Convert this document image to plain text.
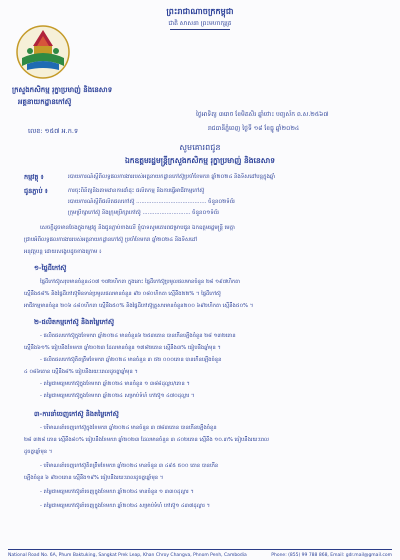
ព្រះរាជាណាចក្រកម្ពុជា
ជាតិ សាសនា ព្រះមហាក្សត្រ
ក្រសួងកសិកម្ម រុក្ខាប្រមាញ់ និងនេសាទ
អគ្គនាយកដ្ឋានកៅស៊ូ
លេខ: ១៥៧ អ.ក.ទ
ថ្ងៃអាទិត្យ ៣រោច ខែមិគសិរ ឆ្នាំថោះ បញ្ចស័ក ព.ស.២៥៦៧
រាជធានីភ្នំពេញ ថ្ងៃទី ១៨ ខែធ្នូ ឆ្នាំ២០២៤
សូមគោរពជូន
ឯកឧត្ដមរដ្ឋមន្ត្រីក្រសួងកសិកម្ម រុក្ខាប្រមាញ់ និងនេសាទ
កម្មវត្ថុ ៖	របាយការណ៍ស្ដីពីលទ្ធផលការងាររបស់អគ្គនាយកដ្ឋានកៅស៊ូប្រចាំខែមករា ឆ្នាំ២០២៤ និងទិសដៅបន្តក្នុងឆ្នាំ
ជូនភ្ជាប់ ៖	ការចុះពិនិត្យនិងតាមដានការដាំដុះ ផលិតកម្ម និងការធ្វើអាជីវកម្មកៅស៊ូ
របាយការណ៍ស្ដីពីផលិតផលកៅស៊ូ ......................................... ចំនួន០២ទំព័រ
ក្រុមប្រឹក្សាកៅស៊ូ និងក្រុមប្រឹក្សាកៅស៊ូ ............................ ចំនួន០១ទំព័រ
សេចក្ដីដូចមានចែងក្នុងកម្មវត្ថុ និងជូនភ្ជាប់ខាងលើ ខ្ញុំបាទសូមគោរពជម្រាបជូន ឯកឧត្ដមរដ្ឋមន្ត្រី មេត្តា
ជ្រាបអំពីលទ្ធផលការងាររបស់អគ្គនាយកដ្ឋានកៅស៊ូ ប្រចាំខែមករា ឆ្នាំ២០២៤ និងទិសដៅ
អនុវត្តបន្ត ដោយសង្ខេបដូចខាងក្រោម ៖
១-ផ្ទៃដីកៅស៊ូ
ផ្ទៃដីកៅស៊ូសរុបមានចំនួន៤០៧ ១៧២ហិកតា ក្នុងនោះ ផ្ទៃដីកៅស៊ូប្រមូលផលមានចំនួន ២៨ ១៩៧ហិកតា
ស្មើនឹង៥៨% និងផ្ទៃដីកៅស៊ូមិនទាន់ប្រមូលផលមានចំនួន ៩២ ០៨០ហិកតា ស្មើនឹង២២% ។ ផ្ទៃដីកៅស៊ូ
អាជីវកម្មមានចំនួន ២០៦ ៤៨០ហិកតា ស្មើនឹង៥០% និងផ្ទៃដីកៅស៊ូគ្រួសារមានចំនួន២០០ ៦៩២ហិកតា ស្មើនឹង៥០% ។
២-ផលិតកម្មកៅស៊ូ និងតម្លៃកៅស៊ូ
- ផលិតផលកៅស៊ូក្នុងខែមករា ឆ្នាំ២០២៤ មានចំនួន៦ ២៥៣តោន បានកើនឡើងចំនួន ២៨ ១៣២តោន
ស្មើនឹង៦១% ធៀបនឹងខែមករា ឆ្នាំ២០២៣ ដែលមានចំនួន ១៧៨២តោន ស្មើនឹង៣% ធៀបនឹងឆ្នាំមុន ។
- ផលិតផលកៅស៊ូគិតត្រឹមខែមករា ឆ្នាំ២០២៤ មានចំនួន ៣ ៥២ ០០០តោន បានកើនឡើងចំនួន
៤ ០៨៦តោន ស្មើនឹង៨% ធៀបនឹងរយៈពេលដូចគ្នាឆ្នាំមុន ។
- តម្លៃជាមធ្យមកៅស៊ូក្នុងខែមករា ឆ្នាំ២០២៤ មានចំនួន ១ ៣៨៨ដុល្លារ/តោន ។
- តម្លៃជាមធ្យមកៅស៊ូក្នុងខែមករា ឆ្នាំ២០២៤ សម្រាប់ទំហំ កៅស៊ូ១ ៤៧០ដុល្លារ ។
៣-ការនាំចេញកៅស៊ូ និងតម្លៃកៅស៊ូ
- បរិមាណនាំចេញកៅស៊ូក្នុងខែមករា ឆ្នាំ២០២៤ មានចំនួន ៣ ៧៨៣តោន បានកើនឡើងចំនួន
២៨ ៣២៨ តោន ស្មើនឹង៨០% ធៀបនឹងខែមករា ឆ្នាំ២០២៣ ដែលមានចំនួន ៣ ៤០២តោន ស្មើនឹង ១០.៣% ធៀបនឹងរយៈពេល
ដូចគ្នាឆ្នាំមុន ។
- បរិមាណនាំចេញកៅស៊ូគិតត្រឹមខែមករា ឆ្នាំ២០២៤ មានចំនួន ៣ ៤៩៥ ៥០០ តោន បានកើន
ឡើងចំនួន ៦ ៩២០តោន ស្មើនឹង១៩% ធៀបនឹងរយៈពេលដូចគ្នាឆ្នាំមុន ។
- តម្លៃជាមធ្យមកៅស៊ូនាំចេញក្នុងខែមករា ឆ្នាំ២០២៤ មានចំនួន ១ ៣៣០ដុល្លារ ។
- តម្លៃជាមធ្យមកៅស៊ូនាំចេញក្នុងខែមករា ឆ្នាំ២០២៤ សម្រាប់ទំហំ កៅស៊ូ១ ៤៣៧ដុល្លារ ។
National Road No. 6A, Phum Baktuking, Sangkat Prek Leap, Khan Chroy Changva, Phnom Penh, Cambodia	Phone: (855) 99 788 868, Email: gdr.mail@gmail.com
